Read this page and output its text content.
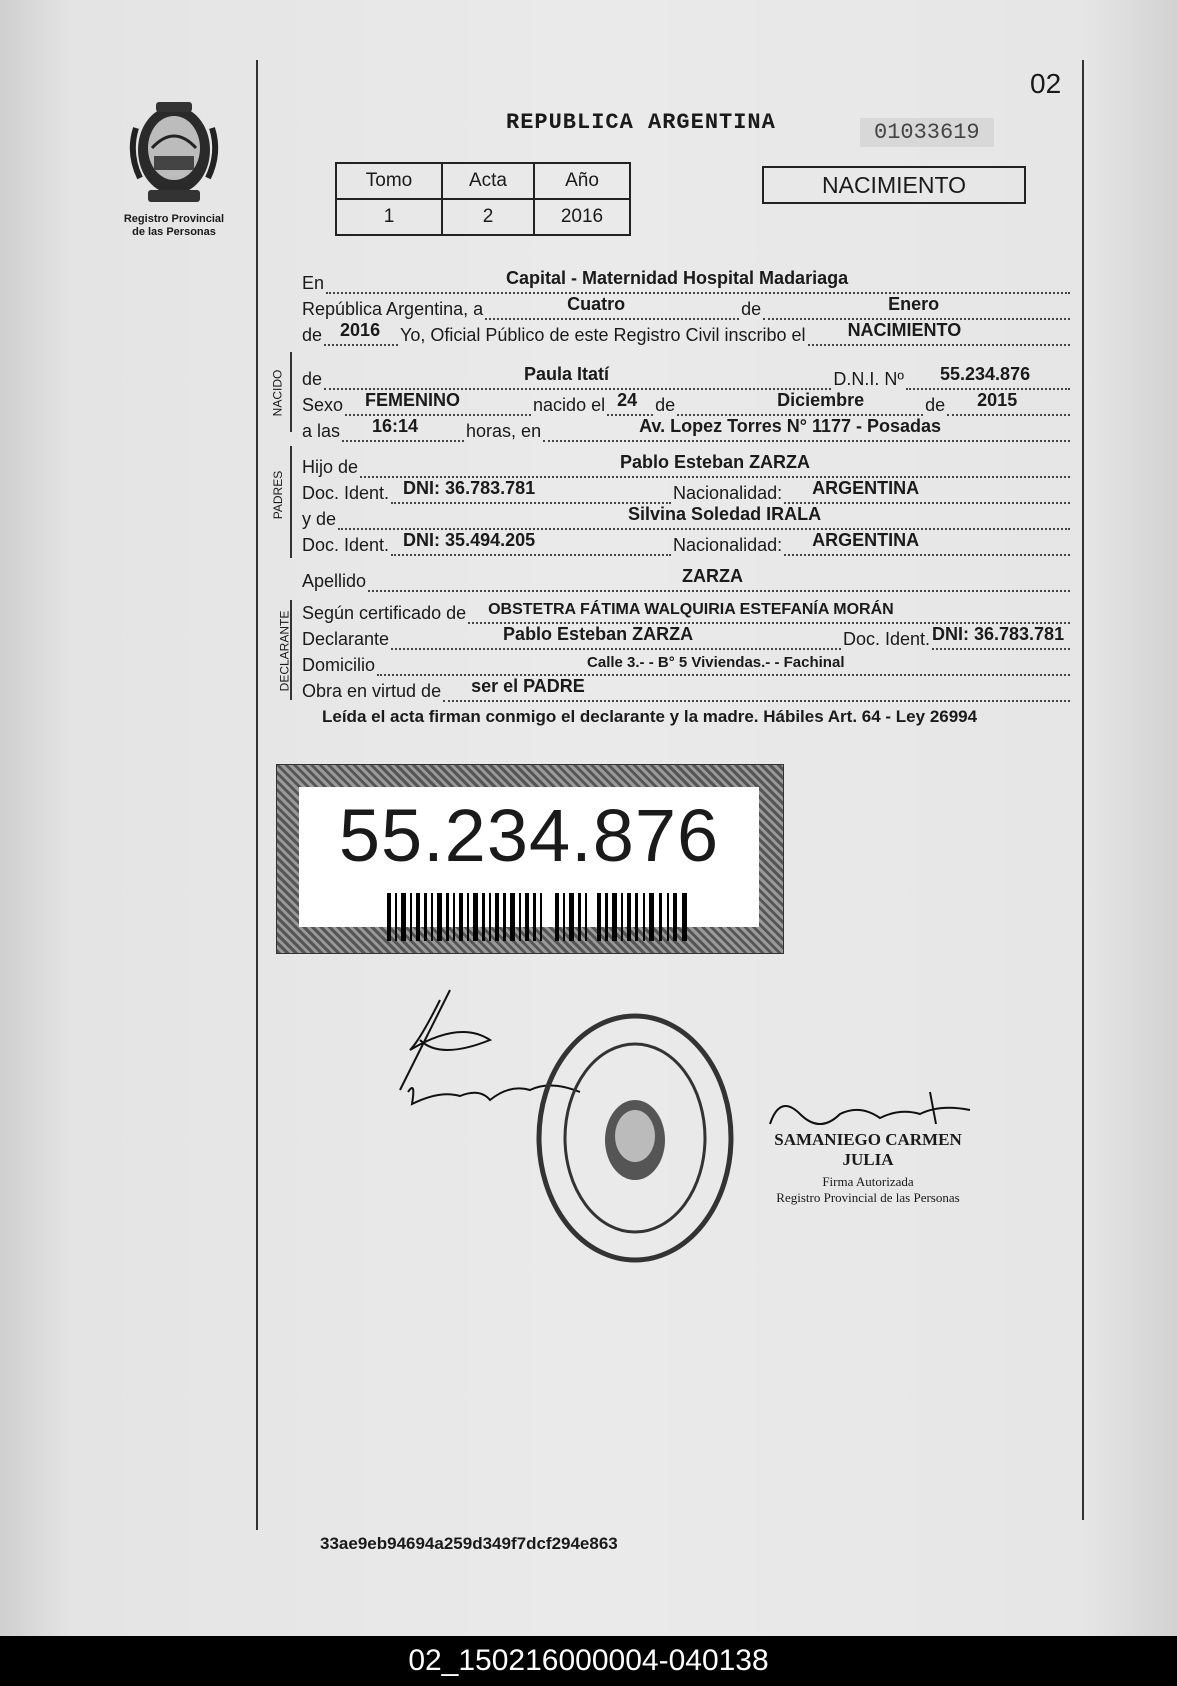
02
Registro Provincial
de las Personas
REPUBLICA ARGENTINA	01033619
Tomo	Acta	Año
1	2	2016
NACIMIENTO
En	Capital - Maternidad Hospital Madariaga
República Argentina, a	Cuatro	de	Enero
de 2016 Yo, Oficial Público de este Registro Civil inscribo el NACIMIENTO
NACIDO de	Paula Itatí	D.N.I. Nº 55.234.876
Sexo FEMENINO	nacido el 24 de	Diciembre	de 2015
a las 16:14	horas, en	Av. Lopez Torres N° 1177 - Posadas
PADRES
Hijo de	Pablo Esteban ZARZA
Doc. Ident. DNI: 36.783.781	Nacionalidad: ARGENTINA
y de	Silvina Soledad IRALA
Doc. Ident. DNI: 35.494.205	Nacionalidad: ARGENTINA
Apellido	ZARZA
DECLARANTE Según certificado de OBSTETRA FÁTIMA WALQUIRIA ESTEFANÍA MORÁN
Declarante	Pablo Esteban ZARZA	Doc. Ident. DNI: 36.783.781
Domicilio	Calle 3.- - B° 5 Viviendas.- - Fachinal
Obra en virtud de ser el PADRE
Leída el acta firman conmigo el declarante y la madre. Hábiles Art. 64 - Ley 26994
55.234.876
SAMANIEGO CARMEN JULIA
Firma Autorizada
Registro Provincial de las Personas
33ae9eb94694a259d349f7dcf294e863
02_150216000004-040138
